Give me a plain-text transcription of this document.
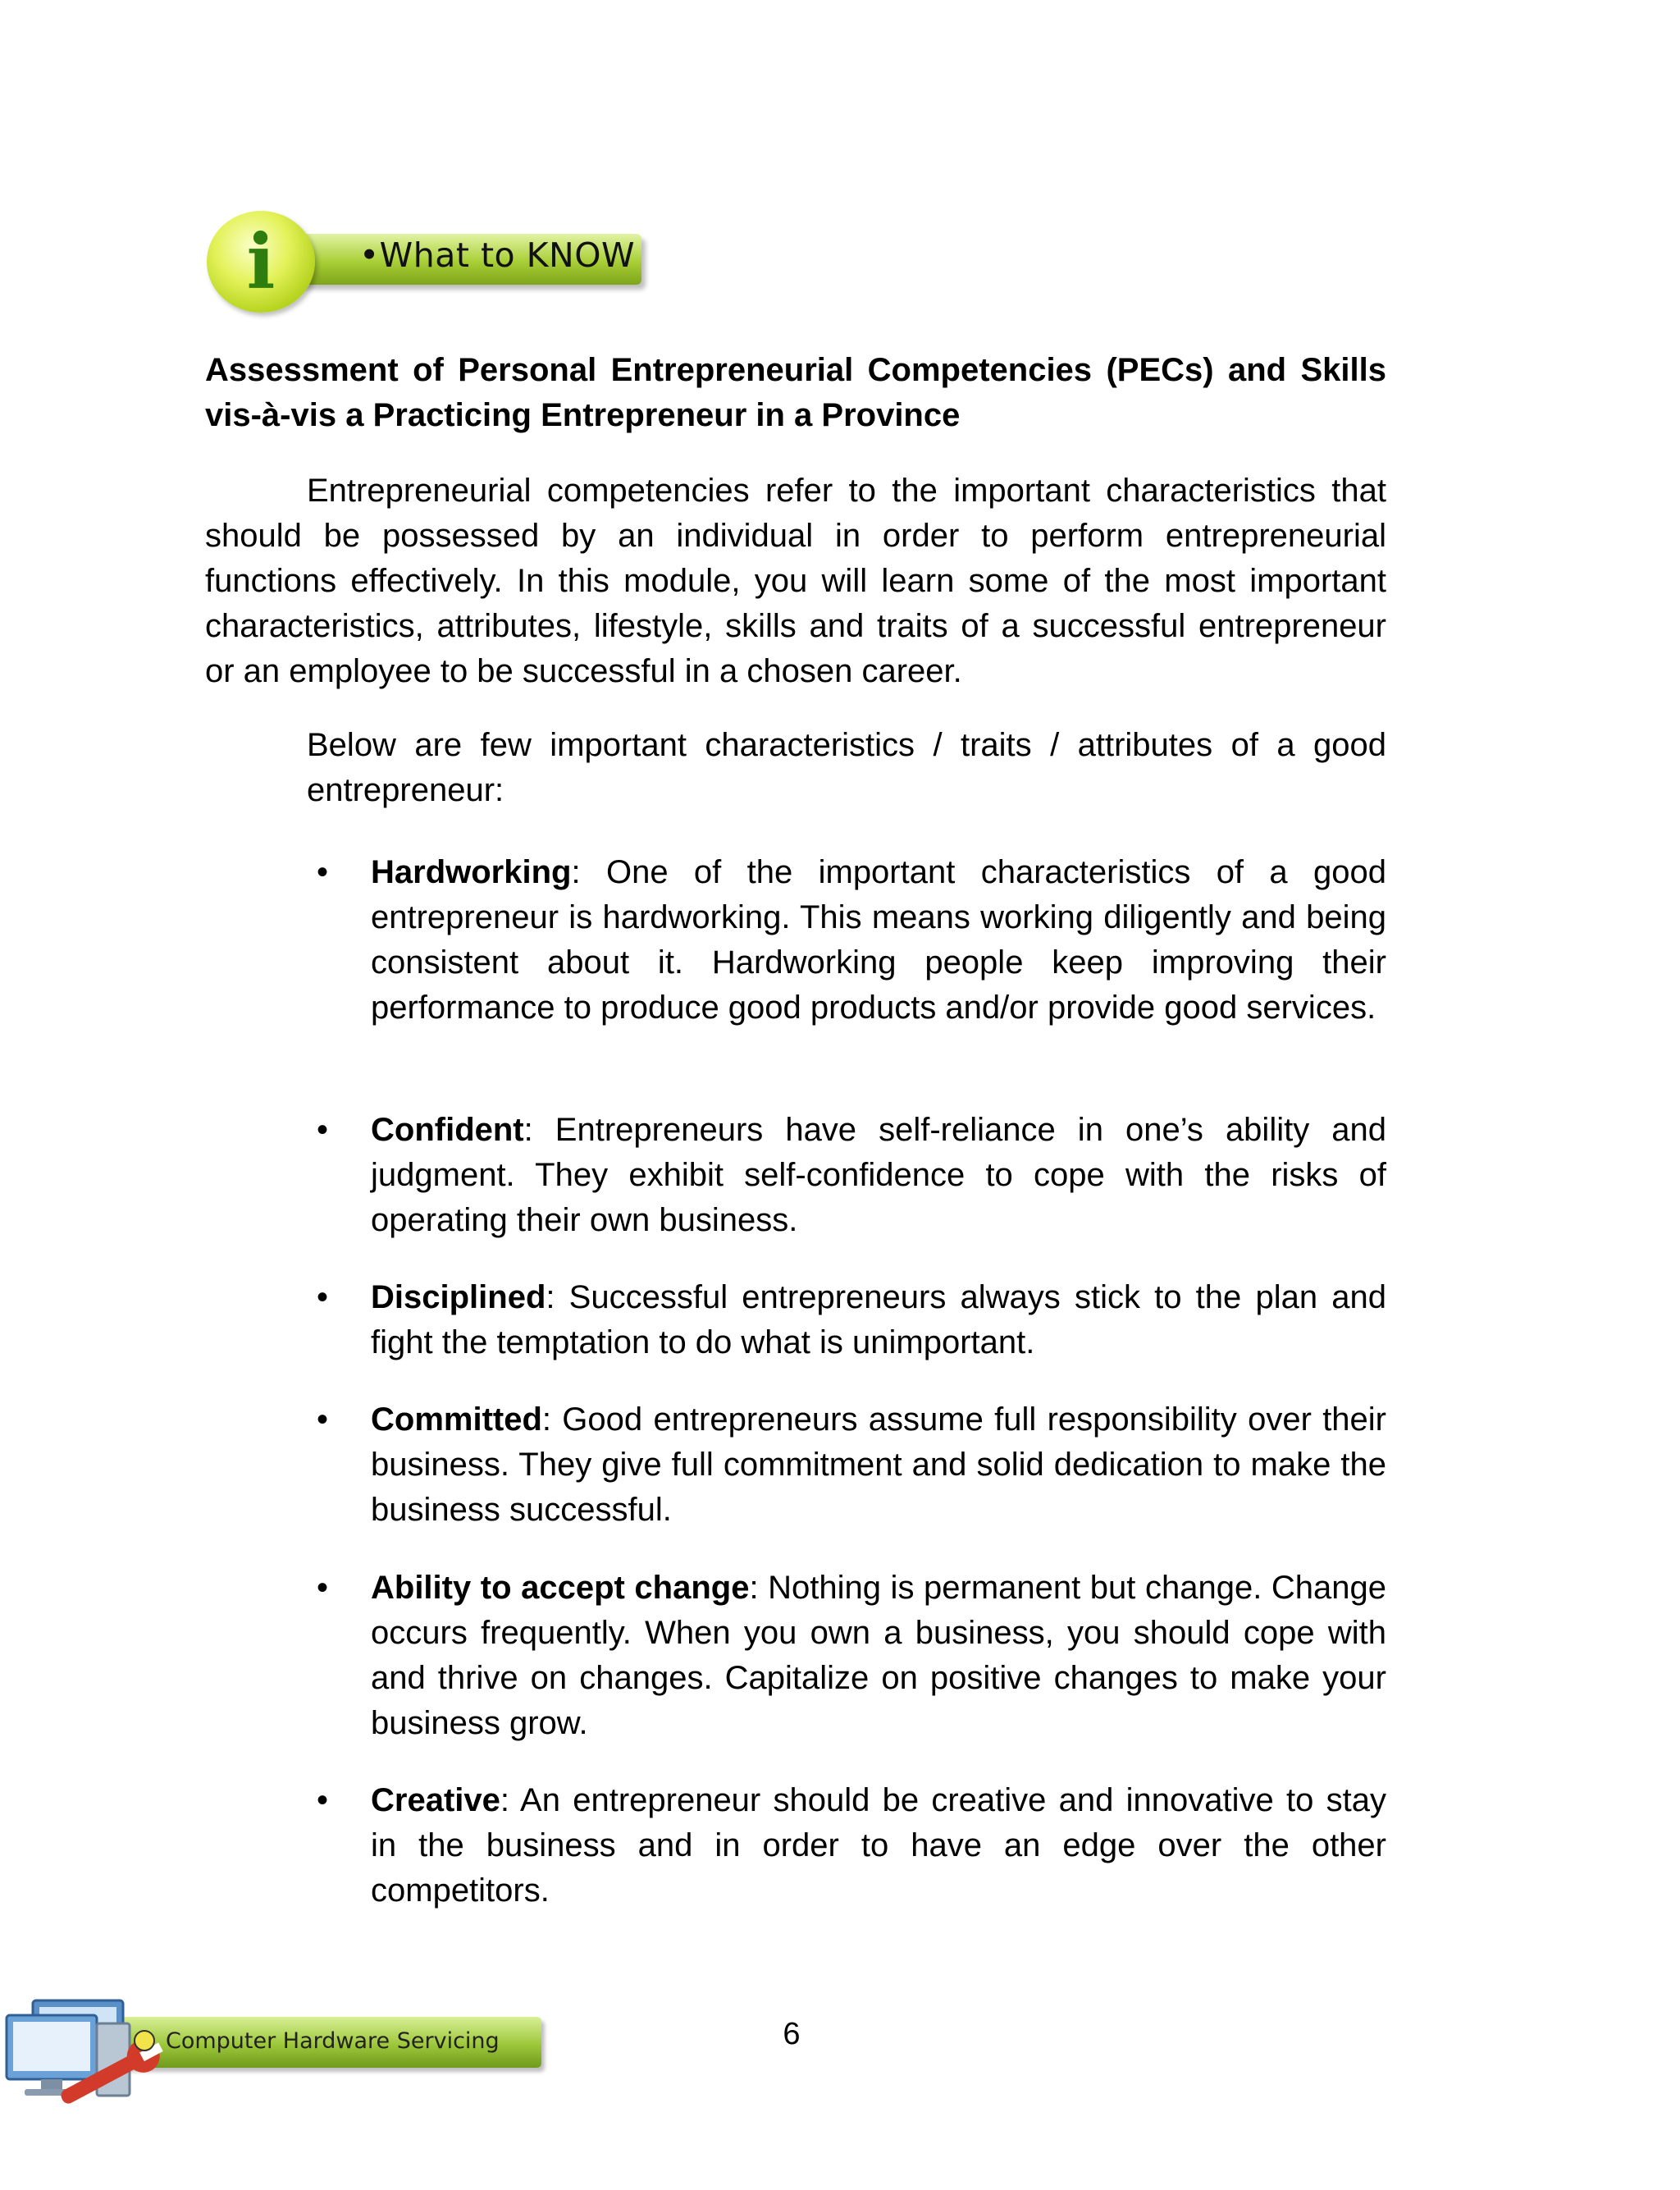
•What to KNOW
i
Assessment of Personal Entrepreneurial Competencies (PECs) and Skills vis-à-vis a Practicing Entrepreneur in a Province
Entrepreneurial competencies refer to the important characteristics that should be possessed by an individual in order to perform entrepreneurial functions effectively. In this module, you will learn some of the most important characteristics, attributes, lifestyle, skills and traits of a successful entrepreneur or an employee to be successful in a chosen career.
Below are few important characteristics / traits / attributes of a good entrepreneur:
•	Hardworking: One of the important characteristics of a good entrepreneur is hardworking. This means working diligently and being consistent about it. Hardworking people keep improving their performance to produce good products and/or provide good services.
•	Confident: Entrepreneurs have self-reliance in one’s ability and judgment. They exhibit self-confidence to cope with the risks of operating their own business.
•	Disciplined: Successful entrepreneurs always stick to the plan and fight the temptation to do what is unimportant.
•	Committed: Good entrepreneurs assume full responsibility over their business. They give full commitment and solid dedication to make the business successful.
•	Ability to accept change: Nothing is permanent but change. Change occurs frequently. When you own a business, you should cope with and thrive on changes. Capitalize on positive changes to make your business grow.
•	Creative: An entrepreneur should be creative and innovative to stay in the business and in order to have an edge over the other competitors.
Computer Hardware Servicing	6
